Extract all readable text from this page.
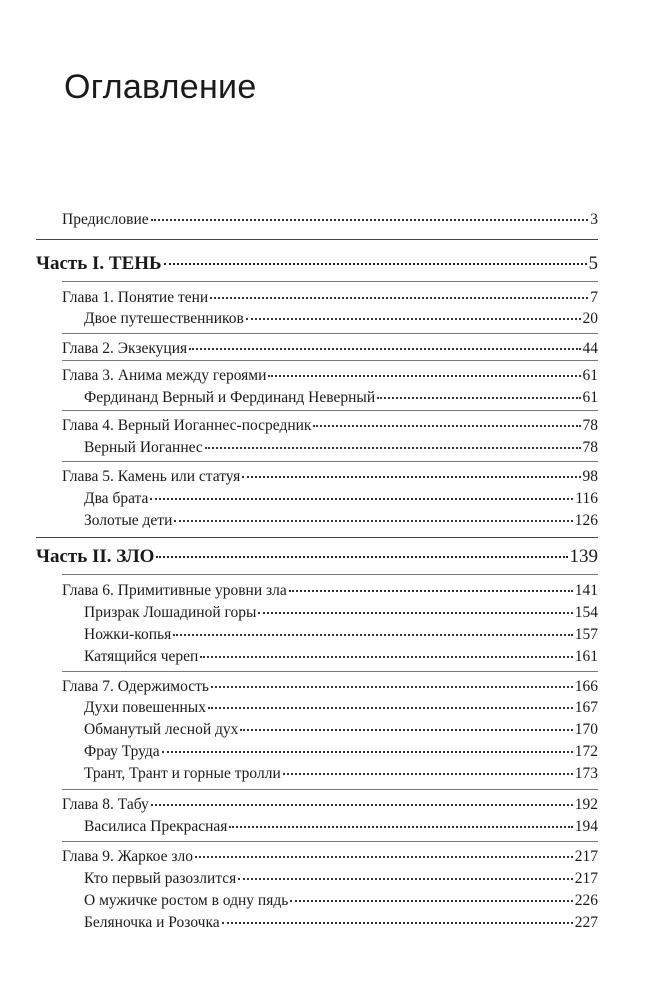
Оглавление
Предисловие	3
Часть I. ТЕНЬ	5
Глава 1. Понятие тени	7
Двое путешественников	20
Глава 2. Экзекуция	44
Глава 3. Анима между героями	61
Фердинанд Верный и Фердинанд Неверный	61
Глава 4. Верный Иоганнес-посредник	78
Верный Иоганнес	78
Глава 5. Камень или статуя	98
Два брата	116
Золотые дети	126
Часть II. ЗЛО	139
Глава 6. Примитивные уровни зла	141
Призрак Лошадиной горы	154
Ножки-копья	157
Катящийся череп	161
Глава 7. Одержимость	166
Духи повешенных	167
Обманутый лесной дух	170
Фрау Труда	172
Трант, Трант и горные тролли	173
Глава 8. Табу	192
Василиса Прекрасная	194
Глава 9. Жаркое зло	217
Кто первый разозлится	217
О мужичке ростом в одну пядь	226
Беляночка и Розочка	227
